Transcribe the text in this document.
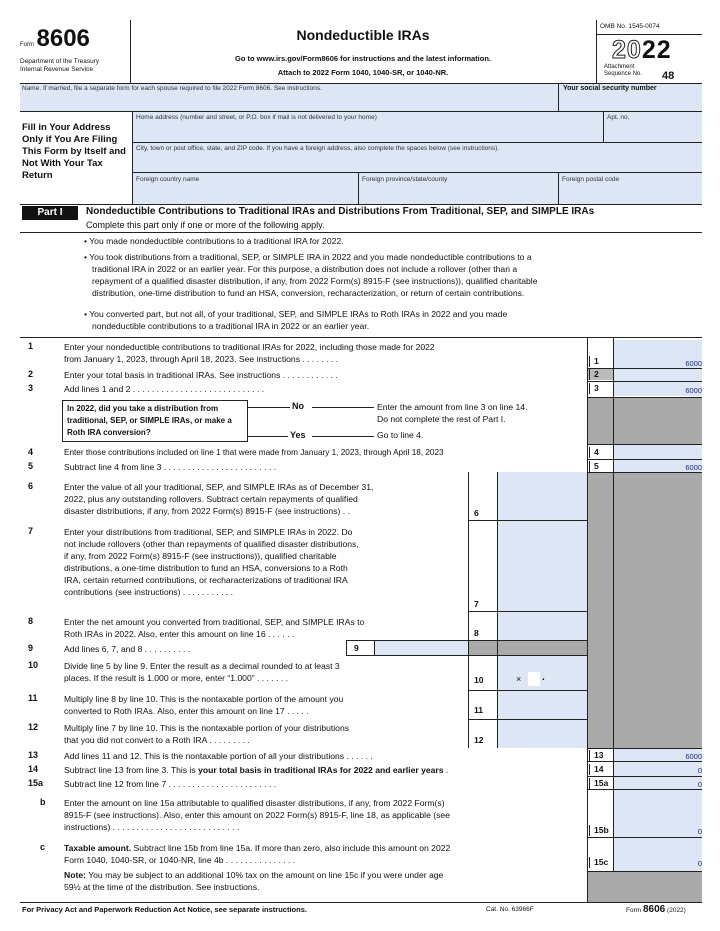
Form 8606
Department of the Treasury
Internal Revenue Service
Nondeductible IRAs
Go to www.irs.gov/Form8606 for instructions and the latest information.
Attach to 2022 Form 1040, 1040-SR, or 1040-NR.
OMB No. 1545-0074
2022
Attachment
Sequence No. 48
Name. If married, file a separate form for each spouse required to file 2022 Form 8606. See instructions.	Your social security number
Fill in Your Address Only if You Are Filing This Form by Itself and Not With Your Tax Return
Home address (number and street, or P.O. box if mail is not delivered to your home)	Apt. no.
City, town or post office, state, and ZIP code. If you have a foreign address, also complete the spaces below (see instructions).
Foreign country name	Foreign province/state/county	Foreign postal code
Part I	Nondeductible Contributions to Traditional IRAs and Distributions From Traditional, SEP, and SIMPLE IRAs
Complete this part only if one or more of the following apply.
• You made nondeductible contributions to a traditional IRA for 2022.
• You took distributions from a traditional, SEP, or SIMPLE IRA in 2022 and you made nondeductible contributions to a
traditional IRA in 2022 or an earlier year. For this purpose, a distribution does not include a rollover (other than a
repayment of a qualified disaster distribution, if any, from 2022 Form(s) 8915-F (see instructions)), qualified charitable
distribution, one-time distribution to fund an HSA, conversion, recharacterization, or return of certain contributions.
• You converted part, but not all, of your traditional, SEP, and SIMPLE IRAs to Roth IRAs in 2022 and you made
nondeductible contributions to a traditional IRA in 2022 or an earlier year.
1	Enter your nondeductible contributions to traditional IRAs for 2022, including those made for 2022
from January 1, 2023, through April 18, 2023. See instructions . . . . . . . .	1	6000
2	Enter your total basis in traditional IRAs. See instructions . . . . . . . . . . . .	2
3	Add lines 1 and 2 . . . . . . . . . . . . . . . . . . . . . . . . . . . .	3	6000
In 2022, did you take a distribution from traditional, SEP, or SIMPLE IRAs, or make a Roth IRA conversion?
No	Enter the amount from line 3 on line 14.
Do not complete the rest of Part I.
Yes	Go to line 4.
4	Enter those contributions included on line 1 that were made from January 1, 2023, through April 18, 2023	4
5	Subtract line 4 from line 3 . . . . . . . . . . . . . . . . . . . . . . . .	5	6000
6	Enter the value of all your traditional, SEP, and SIMPLE IRAs as of December 31,
2022, plus any outstanding rollovers. Subtract certain repayments of qualified
disaster distributions, if any, from 2022 Form(s) 8915-F (see instructions) . .	6
7	Enter your distributions from traditional, SEP, and SIMPLE IRAs in 2022. Do
not include rollovers (other than repayments of qualified disaster distributions,
if any, from 2022 Form(s) 8915-F (see instructions)), qualified charitable
distributions, a one-time distribution to fund an HSA, conversions to a Roth
IRA, certain returned contributions, or recharacterizations of traditional IRA
contributions (see instructions) . . . . . . . . . . .
7
8	Enter the net amount you converted from traditional, SEP, and SIMPLE IRAs to
Roth IRAs in 2022. Also, enter this amount on line 16 . . . . . .	8
9	Add lines 6, 7, and 8 . . . . . . . . . .	9
10	Divide line 5 by line 9. Enter the result as a decimal rounded to at least 3
places. If the result is 1.000 or more, enter “1.000” . . . . . . .	10	× .
11	Multiply line 8 by line 10. This is the nontaxable portion of the amount you
converted to Roth IRAs. Also, enter this amount on line 17 . . . . .	11
12	Multiply line 7 by line 10. This is the nontaxable portion of your distributions
that you did not convert to a Roth IRA . . . . . . . . .	12
13	Add lines 11 and 12. This is the nontaxable portion of all your distributions . . . . . .	13	6000
14	Subtract line 13 from line 3. This is your total basis in traditional IRAs for 2022 and earlier years .	14	0
15a Subtract line 12 from line 7 . . . . . . . . . . . . . . . . . . . . . . .	15a	0
b Enter the amount on line 15a attributable to qualified disaster distributions, if any, from 2022 Form(s)
8915-F (see instructions). Also, enter this amount on 2022 Form(s) 8915-F, line 18, as applicable (see
instructions) . . . . . . . . . . . . . . . . . . . . . . . . . . .	15b	0
c Taxable amount. Subtract line 15b from line 15a. If more than zero, also include this amount on 2022
Form 1040, 1040-SR, or 1040-NR, line 4b . . . . . . . . . . . . . . .
Note: You may be subject to an additional 10% tax on the amount on line 15c if you were under age
59½ at the time of the distribution. See instructions.
15c	0
For Privacy Act and Paperwork Reduction Act Notice, see separate instructions.	Cat. No. 63966F	Form 8606 (2022)
